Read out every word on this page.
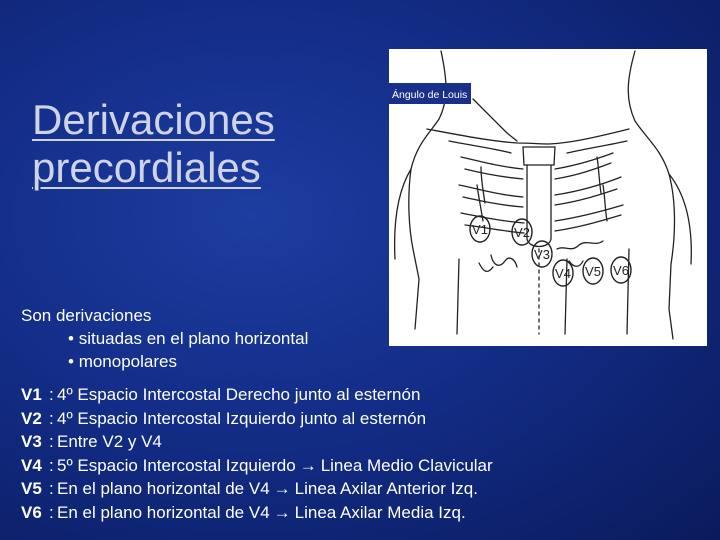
Derivaciones
precordiales
V1 V2
V3
V4 V5 V6
Ángulo de Louis
Son derivaciones
• situadas en el plano horizontal
• monopolares
V1 : 4º Espacio Intercostal Derecho junto al esternón
V2 : 4º Espacio Intercostal Izquierdo junto al esternón
V3 : Entre V2 y V4
V4 : 5º Espacio Intercostal Izquierdo → Linea Medio Clavicular
V5 : En el plano horizontal de V4 → Linea Axilar Anterior Izq.
V6 : En el plano horizontal de V4 → Linea Axilar Media Izq.
